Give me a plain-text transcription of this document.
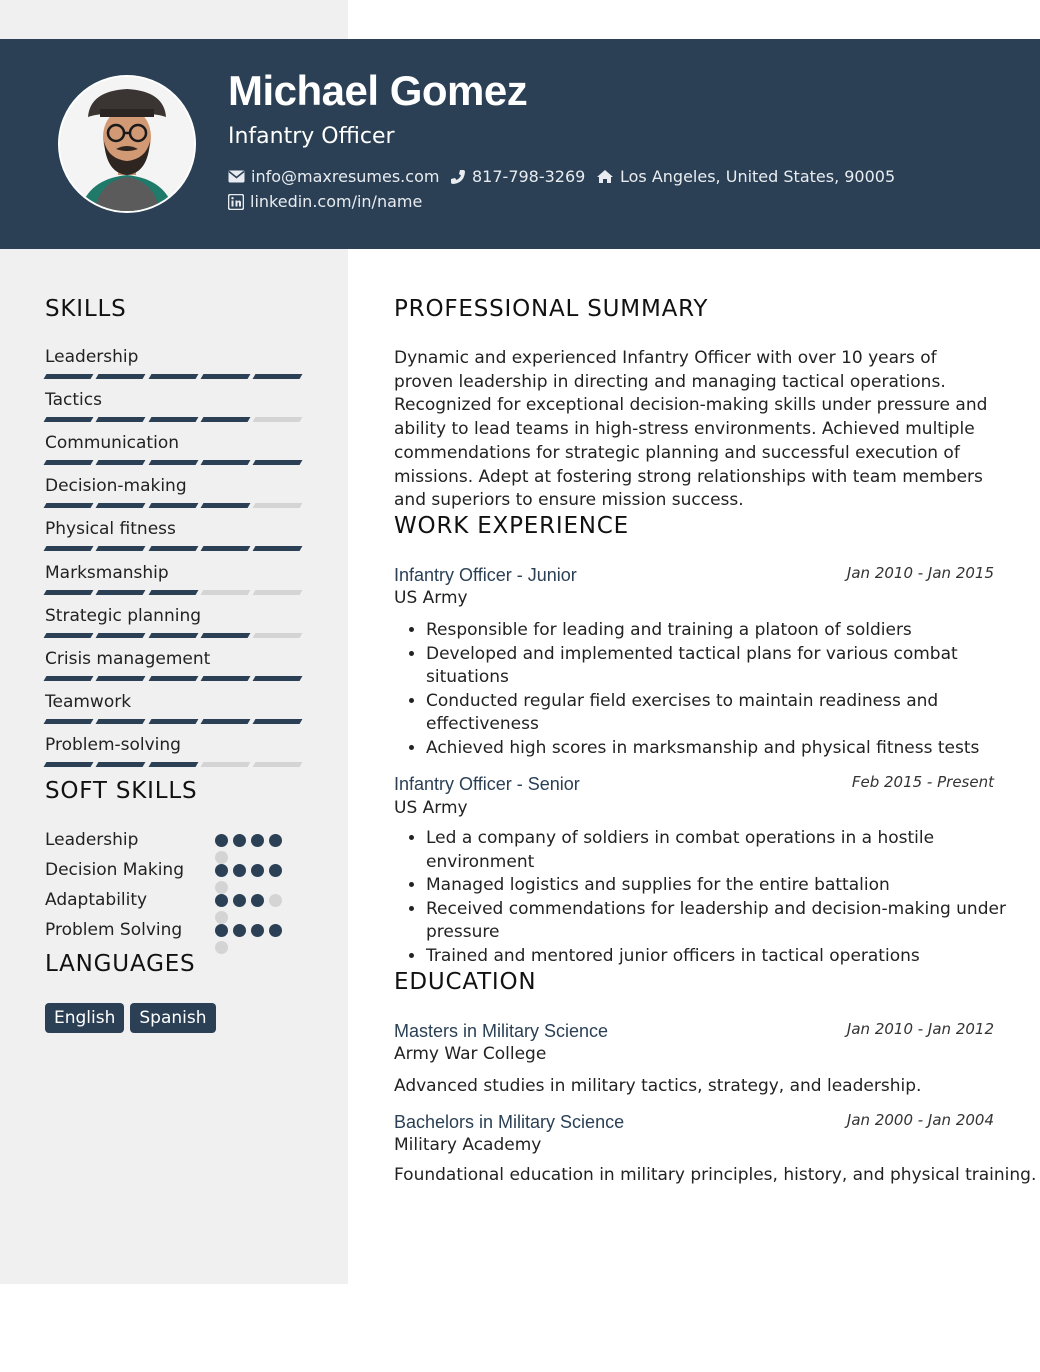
Michael Gomez
Infantry Officer
info@maxresumes.com 817-798-3269 Los Angeles, United States, 90005
linkedin.com/in/name
SKILLS
Leadership
Tactics
Communication
Decision-making
Physical fitness
Marksmanship
Strategic planning
Crisis management
Teamwork
Problem-solving
SOFT SKILLS
Leadership
Decision Making
Adaptability
Problem Solving
LANGUAGES
English	Spanish
PROFESSIONAL SUMMARY
Dynamic and experienced Infantry Officer with over 10 years of proven leadership in directing and managing tactical operations. Recognized for exceptional decision-making skills under pressure and ability to lead teams in high-stress environments. Achieved multiple commendations for strategic planning and successful execution of missions. Adept at fostering strong relationships with team members and superiors to ensure mission success.
WORK EXPERIENCE
Infantry Officer - Junior	Jan 2010 - Jan 2015
US Army
• Responsible for leading and training a platoon of soldiers
• Developed and implemented tactical plans for various combat situations
• Conducted regular field exercises to maintain readiness and effectiveness
• Achieved high scores in marksmanship and physical fitness tests
Infantry Officer - Senior	Feb 2015 - Present
US Army
• Led a company of soldiers in combat operations in a hostile environment
• Managed logistics and supplies for the entire battalion
• Received commendations for leadership and decision-making under pressure
• Trained and mentored junior officers in tactical operations
EDUCATION
Masters in Military Science	Jan 2010 - Jan 2012
Army War College
Advanced studies in military tactics, strategy, and leadership.
Bachelors in Military Science	Jan 2000 - Jan 2004
Military Academy
Foundational education in military principles, history, and physical training.
